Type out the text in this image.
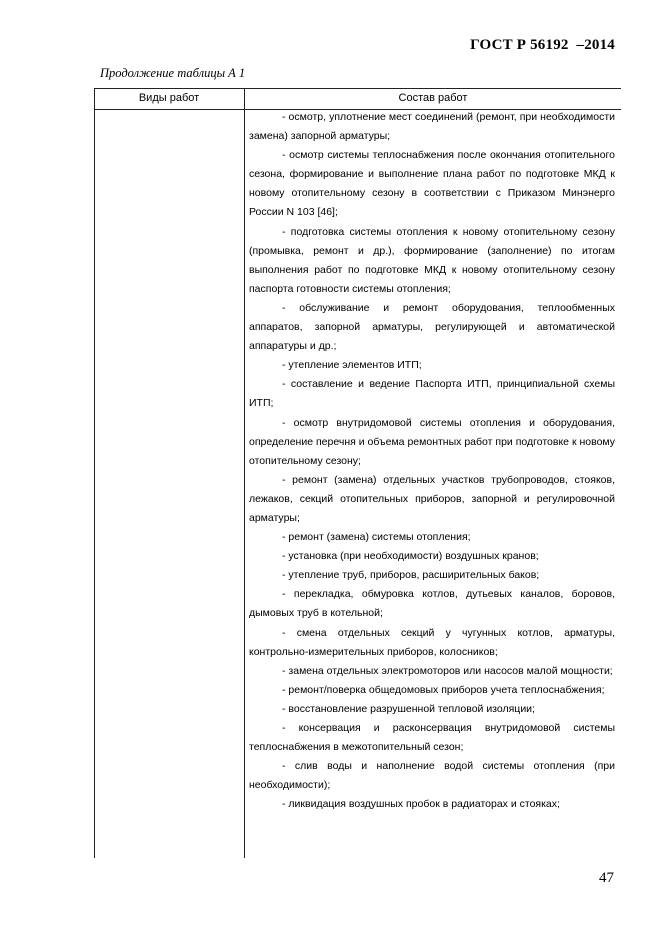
ГОСТ Р 56192  –2014
Продолжение таблицы А 1
Виды работ	Состав работ

- осмотр, уплотнение мест соединений (ремонт, при необходимости замена) запорной арматуры;

- осмотр системы теплоснабжения после окончания отопительного сезона, формирование и выполнение плана работ по подготовке МКД к новому отопительному сезону в соответствии с Приказом Минэнерго России N 103 [46];

- подготовка системы отопления к новому отопительному сезону (промывка, ремонт и др.), формирование (заполнение) по итогам выполнения работ по подготовке МКД к новому отопительному сезону паспорта готовности системы отопления;

- обслуживание и ремонт оборудования, теплообменных аппаратов, запорной арматуры, регулирующей и автоматической аппаратуры и др.;

- утепление элементов ИТП;

- составление и ведение Паспорта ИТП, принципиальной схемы ИТП;

- осмотр внутридомовой системы отопления и оборудования, определение перечня и объема ремонтных работ при подготовке к новому отопительному сезону;

- ремонт (замена) отдельных участков трубопроводов, стояков, лежаков, секций отопительных приборов, запорной и регулировочной арматуры;

- ремонт (замена) системы отопления;

- установка (при необходимости) воздушных кранов;

- утепление труб, приборов, расширительных баков;

- перекладка, обмуровка котлов, дутьевых каналов, боровов, дымовых труб в котельной;

- смена отдельных секций у чугунных котлов, арматуры, контрольно-измерительных приборов, колосников;

- замена отдельных электромоторов или насосов малой мощности;

- ремонт/поверка общедомовых приборов учета теплоснабжения;

- восстановление разрушенной тепловой изоляции;

- консервация и расконсервация внутридомовой системы теплоснабжения в межотопительный сезон;

- слив воды и наполнение водой системы отопления (при необходимости);

- ликвидация воздушных пробок в радиаторах и стояках;

47
